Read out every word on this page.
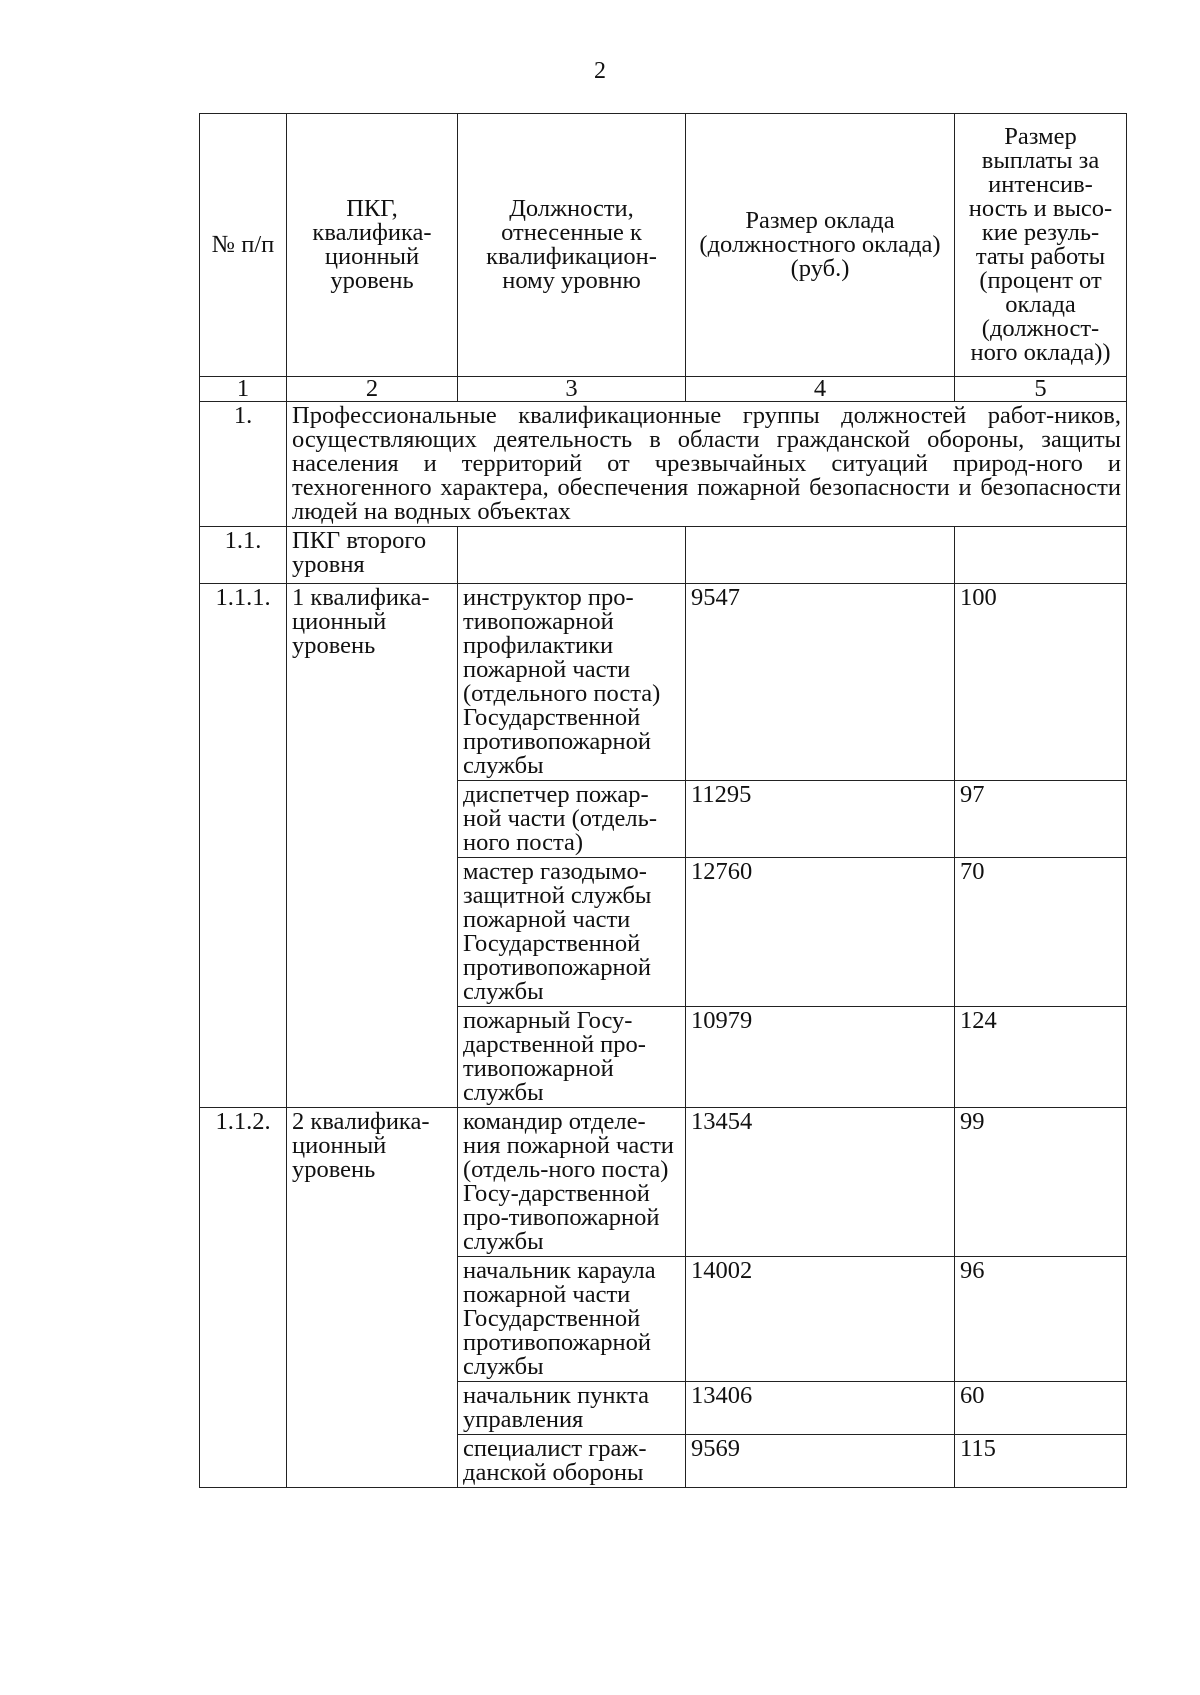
2
№ п/п	ПКГ, квалифика-ционный уровень	Должности, отнесенные к квалификацион-ному уровню	Размер оклада (должностного оклада) (руб.)	Размер выплаты за интенсив-ность и высо-кие резуль-таты работы (процент от оклада (должност-ного оклада))
1	2	3	4	5
1.	Профессиональные квалификационные группы должностей работ-ников, осуществляющих деятельность в области гражданской обороны, защиты населения и территорий от чрезвычайных ситуаций природ-ного и техногенного характера, обеспечения пожарной безопасности и безопасности людей на водных объектах			
1.1.	ПКГ второго уровня			
1.1.1.	1 квалифика-ционный уровень	инструктор про-тивопожарной профилактики пожарной части (отдельного поста) Государственной противопожарной службы	9547	100
		диспетчер пожар-ной части (отдель-ного поста)	11295	97
		мастер газодымо-защитной службы пожарной части Государственной противопожарной службы	12760	70
		пожарный Госу-дарственной про-тивопожарной службы	10979	124
1.1.2.	2 квалифика-ционный уровень	командир отделе-ния пожарной части (отдель-ного поста) Госу-дарственной про-тивопожарной службы	13454	99
		начальник караула пожарной части Государственной противопожарной службы	14002	96
		начальник пункта управления	13406	60
		специалист граж-данской обороны	9569	115
